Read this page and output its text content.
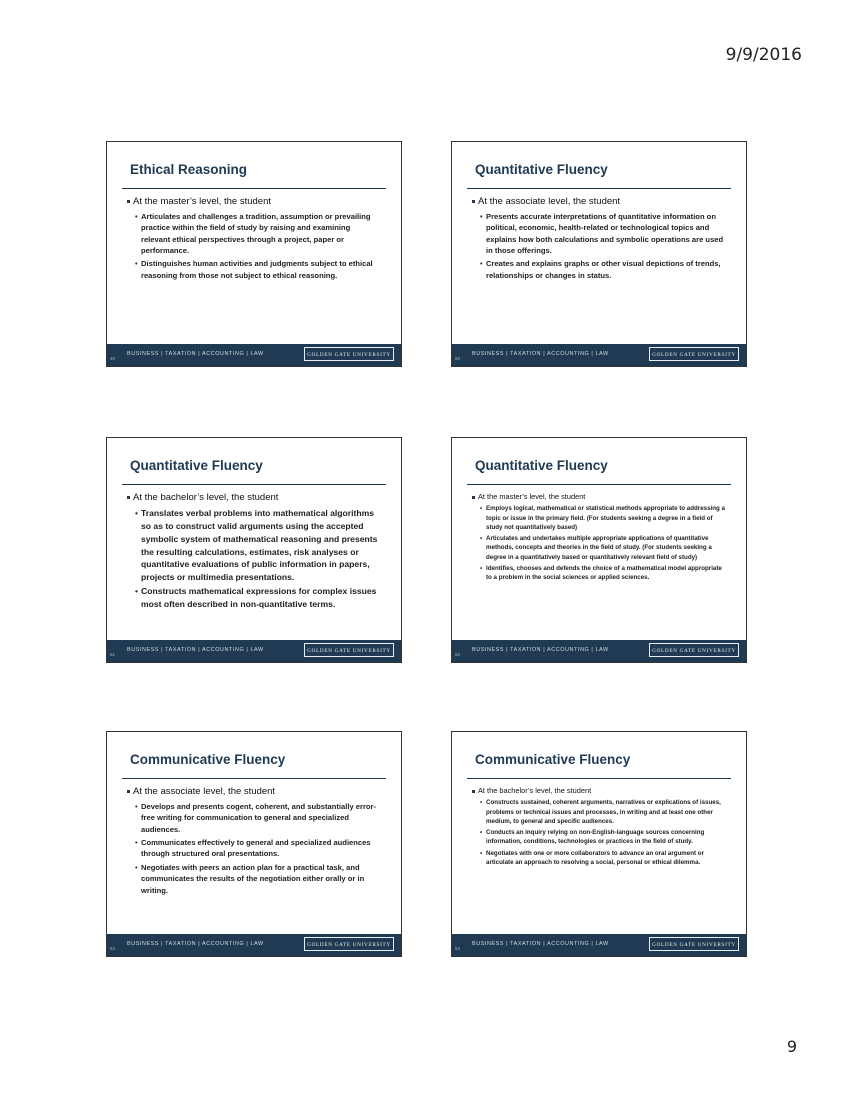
9/9/2016
Ethical Reasoning

At the master’s level, the student

• Articulates and challenges a tradition, assumption or prevailing practice within the field of study by raising and examining relevant ethical perspectives through a project, paper or performance.
• Distinguishes human activities and judgments subject to ethical reasoning from those not subject to ethical reasoning.
49
BUSINESS | TAXATION | ACCOUNTING | LAW	GOLDEN GATE UNIVERSITY
Quantitative Fluency

At the associate level, the student

• Presents accurate interpretations of quantitative information on political, economic, health-related or technological topics and explains how both calculations and symbolic operations are used in those offerings.
• Creates and explains graphs or other visual depictions of trends, relationships or changes in status.
50
BUSINESS | TAXATION | ACCOUNTING | LAW	GOLDEN GATE UNIVERSITY
Quantitative Fluency

At the bachelor’s level, the student

• Translates verbal problems into mathematical algorithms so as to construct valid arguments using the accepted symbolic system of mathematical reasoning and presents the resulting calculations, estimates, risk analyses or quantitative evaluations of public information in papers, projects or multimedia presentations.
• Constructs mathematical expressions for complex issues most often described in non-quantitative terms.
51
BUSINESS | TAXATION | ACCOUNTING | LAW	GOLDEN GATE UNIVERSITY
Quantitative Fluency

At the master’s level, the student

• Employs logical, mathematical or statistical methods appropriate to addressing a topic or issue in the primary field. (For students seeking a degree in a field of study not quantitatively based)
• Articulates and undertakes multiple appropriate applications of quantitative methods, concepts and theories in the field of study. (For students seeking a degree in a quantitatively based or quantitatively relevant field of study)
• Identifies, chooses and defends the choice of a mathematical model appropriate to a problem in the social sciences or applied sciences.
52
BUSINESS | TAXATION | ACCOUNTING | LAW	GOLDEN GATE UNIVERSITY
Communicative Fluency

At the associate level, the student

• Develops and presents cogent, coherent, and substantially error-free writing for communication to general and specialized audiences.
• Communicates effectively to general and specialized audiences through structured oral presentations.
• Negotiates with peers an action plan for a practical task, and communicates the results of the negotiation either orally or in writing.
53
BUSINESS | TAXATION | ACCOUNTING | LAW	GOLDEN GATE UNIVERSITY
Communicative Fluency

At the bachelor’s level, the student

• Constructs sustained, coherent arguments, narratives or explications of issues, problems or technical issues and processes, in writing and at least one other medium, to general and specific audiences.
• Conducts an inquiry relying on non-English-language sources concerning information, conditions, technologies or practices in the field of study.
• Negotiates with one or more collaborators to advance an oral argument or articulate an approach to resolving a social, personal or ethical dilemma.
54
BUSINESS | TAXATION | ACCOUNTING | LAW	GOLDEN GATE UNIVERSITY
9
